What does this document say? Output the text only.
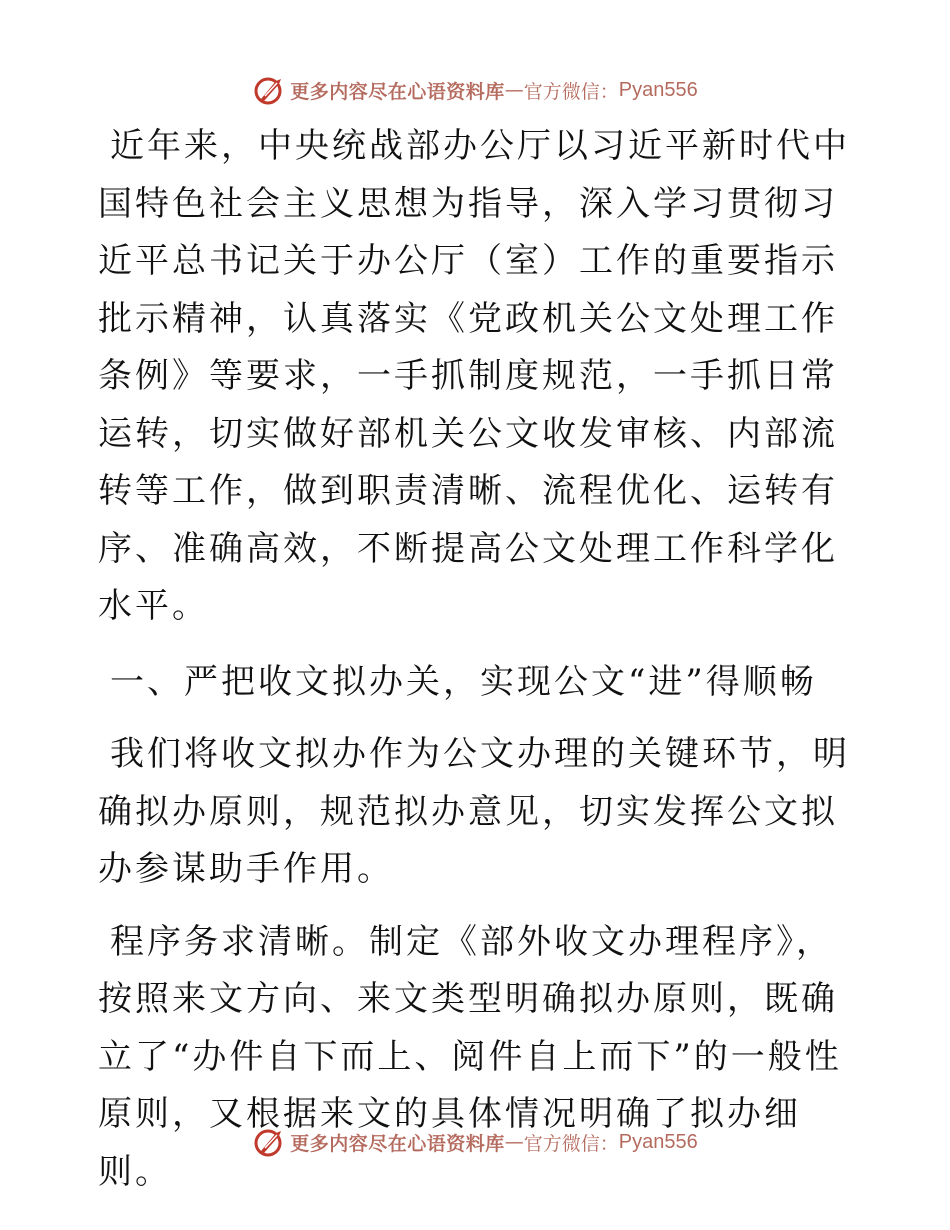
更多内容尽在心语资料库 — 官方微信： Pyan556

近年来，中央统战部办公厅以习近平新时代中国特色社会主义思想为指导，深入学习贯彻习近平总书记关于办公厅（室）工作的重要指示批示精神，认真落实《党政机关公文处理工作条例》等要求，一手抓制度规范，一手抓日常运转，切实做好部机关公文收发审核、内部流转等工作，做到职责清晰、流程优化、运转有序、准确高效，不断提高公文处理工作科学化水平。

一、严把收文拟办关，实现公文“进”得顺畅

我们将收文拟办作为公文办理的关键环节，明确拟办原则，规范拟办意见，切实发挥公文拟办参谋助手作用。

程序务求清晰。制定《部外收文办理程序》，按照来文方向、来文类型明确拟办原则，既确立了“办件自下而上、阅件自上而下”的一般性原则，又根据来文的具体情况明确了拟办细则。

更多内容尽在心语资料库 — 官方微信： Pyan556
